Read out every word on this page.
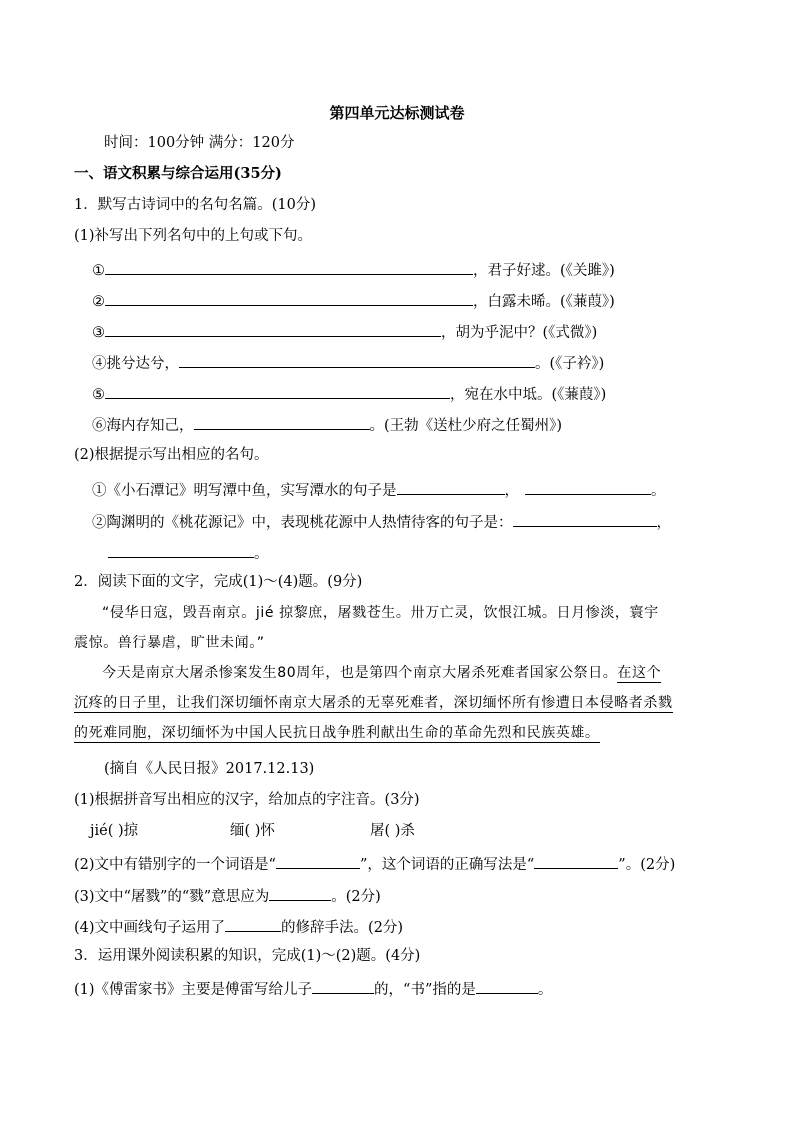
第四单元达标测试卷
时间：100分钟 满分：120分
一、语文积累与综合运用(35分)
1．默写古诗词中的名句名篇。(10分)
(1)补写出下列名句中的上句或下句。
①	，君子好逑。(《关雎》)
②	，白露未晞。(《蒹葭》)
③	，胡为乎泥中？(《式微》)
④挑兮达兮，	。(《子衿》)
⑤	，宛在水中坻。(《蒹葭》)
⑥海内存知己，	。(王勃《送杜少府之任蜀州》)
(2)根据提示写出相应的名句。
①《小石潭记》明写潭中鱼，实写潭水的句子是	，	。
②陶渊明的《桃花源记》中，表现桃花源中人热情待客的句子是：	，
。
2．阅读下面的文字，完成(1)～(4)题。(9分)
“侵华日寇，毁吾南京。jié 掠黎庶，屠戮苍生。卅万亡灵，饮恨江城。日月惨淡，寰宇
震惊。兽行暴虐，旷世未闻。”
今天是南京大屠杀惨案发生80周年，也是第四个南京大屠杀死难者国家公祭日。在这个
沉疼的日子里，让我们深切缅怀南京大屠杀的无辜死难者，深切缅怀所有惨遭日本侵略者杀戮
的死难同胞，深切缅怀为中国人民抗日战争胜利献出生命的革命先烈和民族英雄。
(摘自《人民日报》2017.12.13)
(1)根据拼音写出相应的汉字，给加点的字注音。(3分)
jié( )掠	缅( )怀	屠( )杀
(2)文中有错别字的一个词语是“	”，这个词语的正确写法是“	”。(2分)
(3)文中“屠戮”的“戮”意思应为	。(2分)
(4)文中画线句子运用了	的修辞手法。(2分)
3．运用课外阅读积累的知识，完成(1)～(2)题。(4分)
(1)《傅雷家书》主要是傅雷写给儿子	的，“书”指的是	。
